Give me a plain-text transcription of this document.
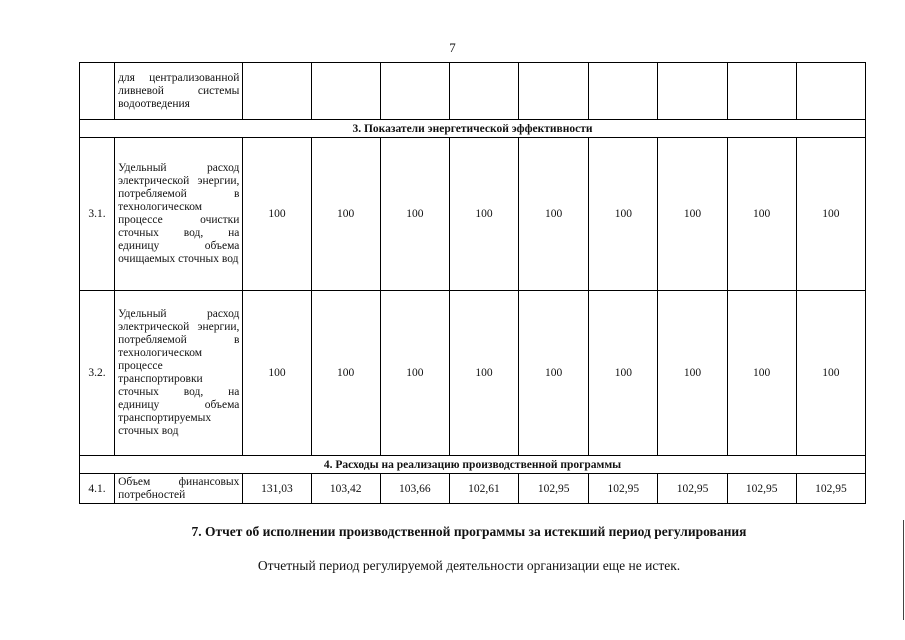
7
	для централизованной ливневой системы водоотведения									
3. Показатели энергетической эффективности										
3.1.	Удельный расход электрической энергии, потребляемой в технологическом процессе очистки сточных вод, на единицу объема очищаемых сточных вод	100	100	100	100	100	100	100	100	100
3.2.	Удельный расход электрической энергии, потребляемой в технологическом процессе транспортировки сточных вод, на единицу объема транспортируемых сточных вод	100	100	100	100	100	100	100	100	100
4. Расходы на реализацию производственной программы										
4.1.	Объем финансовых потребностей	131,03	103,42	103,66	102,61	102,95	102,95	102,95	102,95	102,95
7. Отчет об исполнении производственной программы за истекший период регулирования
Отчетный период регулируемой деятельности организации еще не истек.
